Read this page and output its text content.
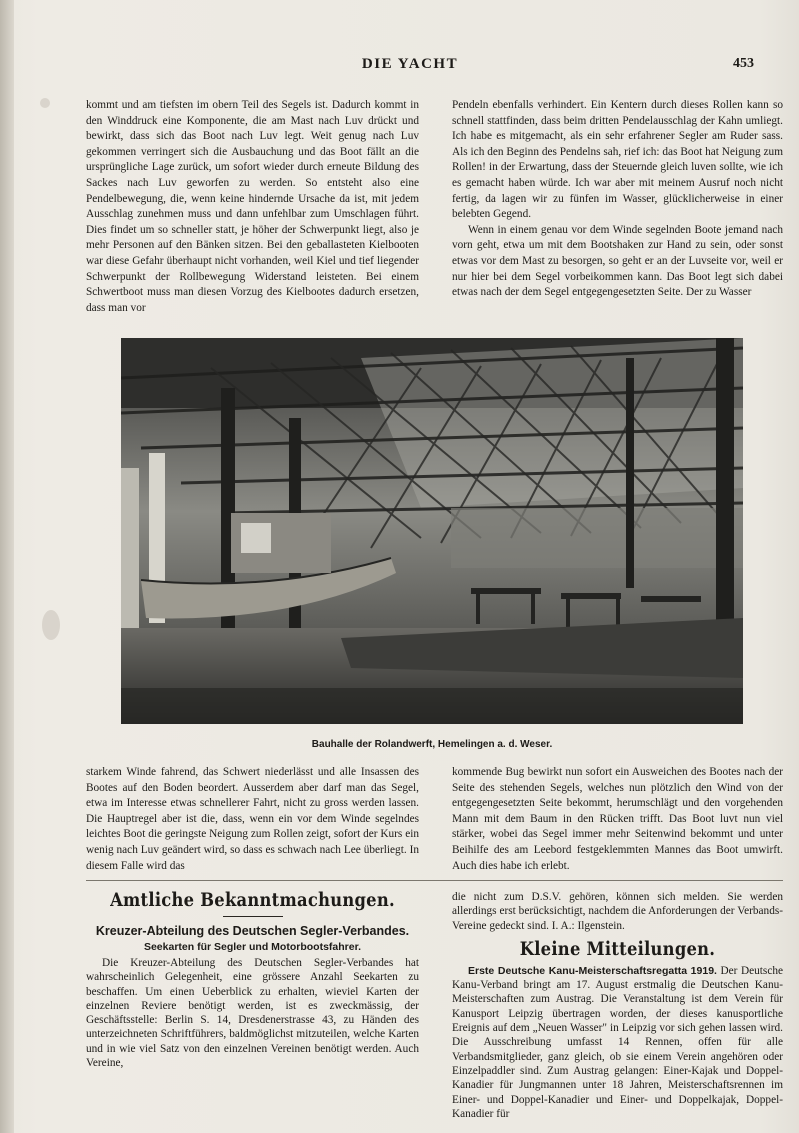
DIE YACHT	453

kommt und am tiefsten im obern Teil des Segels ist. Dadurch kommt in den Winddruck eine Komponente, die am Mast nach Luv drückt und bewirkt, dass sich das Boot nach Luv legt. Weit genug nach Luv gekommen verringert sich die Ausbauchung und das Boot fällt an die ursprüngliche Lage zurück, um sofort wieder durch erneute Bildung des Sackes nach Luv geworfen zu werden. So entsteht also eine Pendelbewegung, die, wenn keine hindernde Ursache da ist, mit jedem Ausschlag zunehmen muss und dann unfehlbar zum Umschlagen führt. Dies findet um so schneller statt, je höher der Schwerpunkt liegt, also je mehr Personen auf den Bänken sitzen. Bei den geballasteten Kielbooten war diese Gefahr überhaupt nicht vorhanden, weil Kiel und tief liegender Schwerpunkt der Rollbewegung Widerstand leisteten. Bei einem Schwertboot muss man diesen Vorzug des Kielbootes dadurch ersetzen, dass man vor

Pendeln ebenfalls verhindert. Ein Kentern durch dieses Rollen kann so schnell stattfinden, dass beim dritten Pendelausschlag der Kahn umliegt. Ich habe es mitgemacht, als ein sehr erfahrener Segler am Ruder sass. Als ich den Beginn des Pendelns sah, rief ich: das Boot hat Neigung zum Rollen! in der Erwartung, dass der Steuernde gleich luven sollte, wie ich es gemacht haben würde. Ich war aber mit meinem Ausruf noch nicht fertig, da lagen wir zu fünfen im Wasser, glücklicherweise in einer belebten Gegend.

Wenn in einem genau vor dem Winde segelnden Boote jemand nach vorn geht, etwa um mit dem Bootshaken zur Hand zu sein, oder sonst etwas vor dem Mast zu besorgen, so geht er an der Luvseite vor, weil er nur hier bei dem Segel vorbeikommen kann. Das Boot legt sich dabei etwas nach der dem Segel entgegengesetzten Seite. Der zu Wasser

Bauhalle der Rolandwerft, Hemelingen a. d. Weser.

starkem Winde fahrend, das Schwert niederlässt und alle Insassen des Bootes auf den Boden beordert. Ausserdem aber darf man das Segel, etwa im Interesse etwas schnellerer Fahrt, nicht zu gross werden lassen. Die Hauptregel aber ist die, dass, wenn ein vor dem Winde segelndes leichtes Boot die geringste Neigung zum Rollen zeigt, sofort der Kurs ein wenig nach Luv geändert wird, so dass es schwach nach Lee überliegt. In diesem Falle wird das

kommende Bug bewirkt nun sofort ein Ausweichen des Bootes nach der Seite des stehenden Segels, welches nun plötzlich den Wind von der entgegengesetzten Seite bekommt, herumschlägt und den vorgehenden Mann mit dem Baum in den Rücken trifft. Das Boot luvt nun viel stärker, wobei das Segel immer mehr Seitenwind bekommt und unter Beihilfe des am Leebord festgeklemmten Mannes das Boot umwirft. Auch dies habe ich erlebt.

Amtliche Bekanntmachungen.
Kreuzer-Abteilung des Deutschen Segler-Verbandes.
Seekarten für Segler und Motorbootsfahrer.

Die Kreuzer-Abteilung des Deutschen Segler-Verbandes hat wahrscheinlich Gelegenheit, eine grössere Anzahl Seekarten zu beschaffen. Um einen Ueberblick zu erhalten, wieviel Karten der einzelnen Reviere benötigt werden, ist es zweckmässig, der Geschäftsstelle: Berlin S. 14, Dresdenerstrasse 43, zu Händen des unterzeichneten Schriftführers, baldmöglichst mitzuteilen, welche Karten und in wie viel Satz von den einzelnen Vereinen benötigt werden. Auch Vereine,

die nicht zum D.S.V. gehören, können sich melden. Sie werden allerdings erst berücksichtigt, nachdem die Anforderungen der Verbands-Vereine gedeckt sind. I. A.: Ilgenstein.

Kleine Mitteilungen.

Erste Deutsche Kanu-Meisterschaftsregatta 1919. Der Deutsche Kanu-Verband bringt am 17. August erstmalig die Deutschen Kanu-Meisterschaften zum Austrag. Die Veranstaltung ist dem Verein für Kanusport Leipzig übertragen worden, der dieses kanusportliche Ereignis auf dem „Neuen Wasser" in Leipzig vor sich gehen lassen wird. Die Ausschreibung umfasst 14 Rennen, offen für alle Verbandsmitglieder, ganz gleich, ob sie einem Verein angehören oder Einzelpaddler sind. Zum Austrag gelangen: Einer-Kajak und Doppel-Kanadier für Jungmannen unter 18 Jahren, Meisterschaftsrennen im Einer- und Doppel-Kanadier und Einer- und Doppelkajak, Doppel-Kanadier für
